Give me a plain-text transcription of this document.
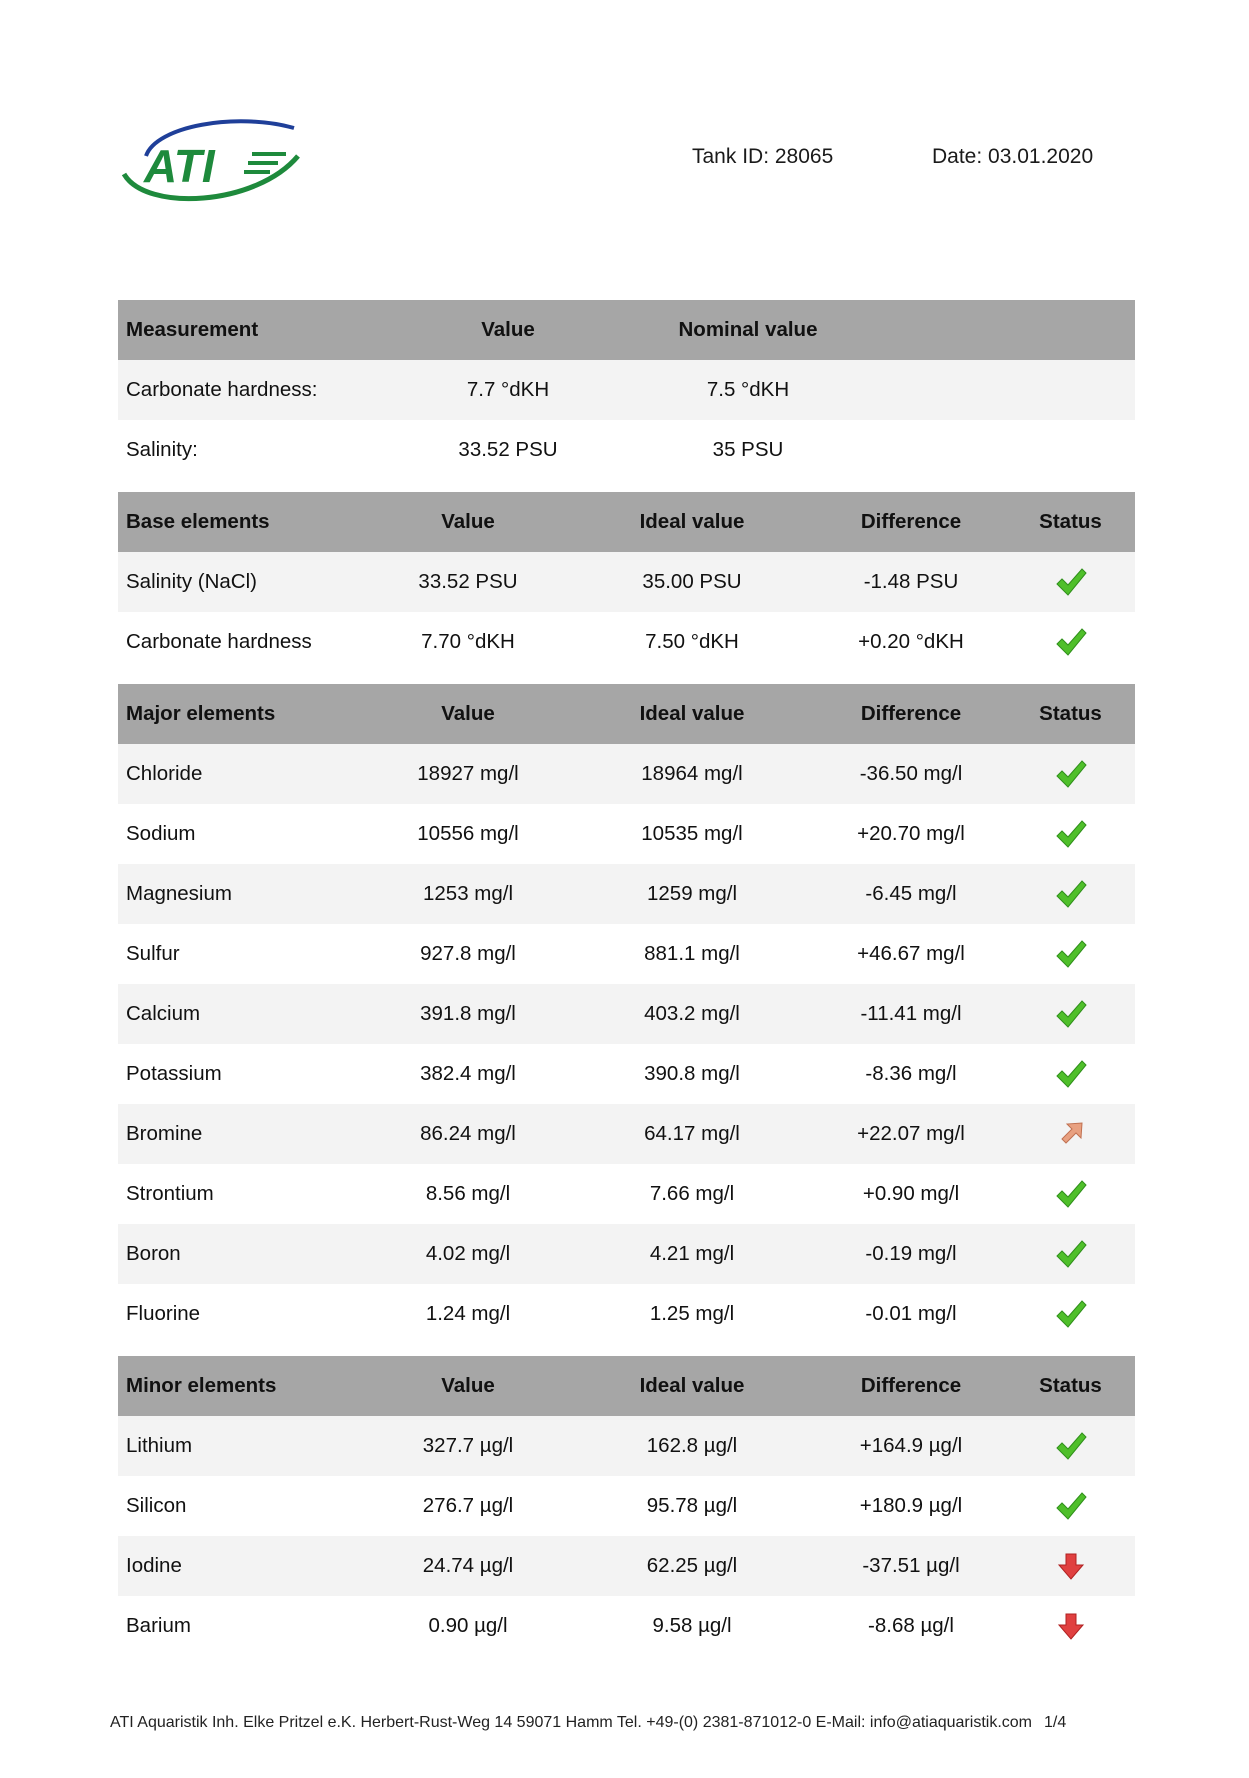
ATI	Tank ID: 28065	Date: 03.01.2020
Measurement	Value	Nominal value	
Carbonate hardness:	7.7 °dKH	7.5 °dKH	
Salinity:	33.52 PSU	35 PSU	
Base elements	Value	Ideal value	Difference	Status
Salinity (NaCl)	33.52 PSU	35.00 PSU	-1.48 PSU	
Carbonate hardness	7.70 °dKH	7.50 °dKH	+0.20 °dKH	
Major elements	Value	Ideal value	Difference	Status
Chloride	18927 mg/l	18964 mg/l	-36.50 mg/l	
Sodium	10556 mg/l	10535 mg/l	+20.70 mg/l	
Magnesium	1253 mg/l	1259 mg/l	-6.45 mg/l	
Sulfur	927.8 mg/l	881.1 mg/l	+46.67 mg/l	
Calcium	391.8 mg/l	403.2 mg/l	-11.41 mg/l	
Potassium	382.4 mg/l	390.8 mg/l	-8.36 mg/l	
Bromine	86.24 mg/l	64.17 mg/l	+22.07 mg/l	
Strontium	8.56 mg/l	7.66 mg/l	+0.90 mg/l	
Boron	4.02 mg/l	4.21 mg/l	-0.19 mg/l	
Fluorine	1.24 mg/l	1.25 mg/l	-0.01 mg/l	
Minor elements	Value	Ideal value	Difference	Status
Lithium	327.7 µg/l	162.8 µg/l	+164.9 µg/l	
Silicon	276.7 µg/l	95.78 µg/l	+180.9 µg/l	
Iodine	24.74 µg/l	62.25 µg/l	-37.51 µg/l	
Barium	0.90 µg/l	9.58 µg/l	-8.68 µg/l	
ATI Aquaristik Inh. Elke Pritzel e.K. Herbert-Rust-Weg 14 59071 Hamm Tel. +49-(0) 2381-871012-0 E-Mail: info@atiaquaristik.com 1/4
